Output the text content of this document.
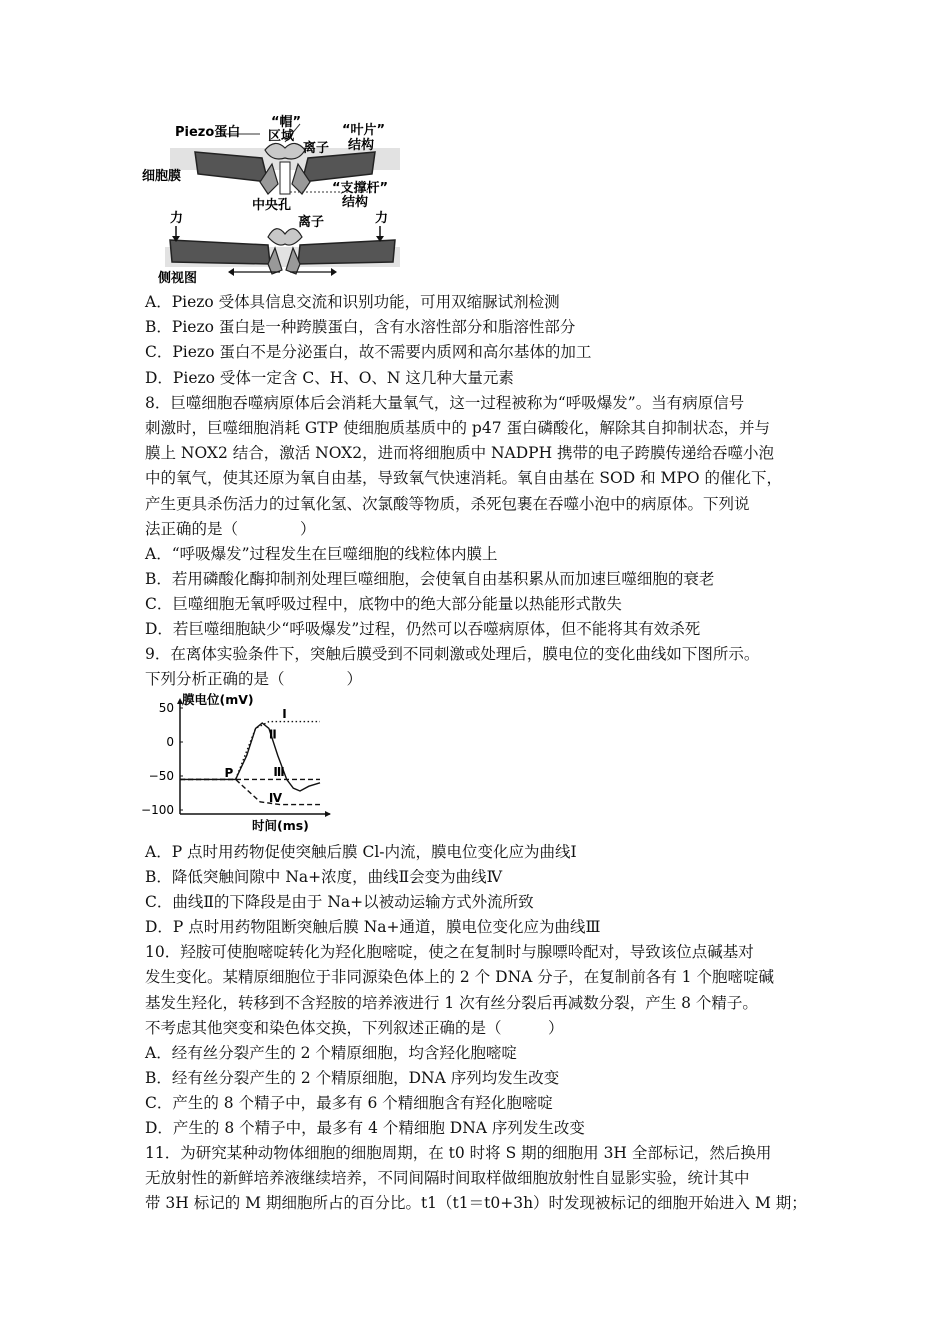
Piezo蛋白
“帽”
区域
离子
“叶片”
结构
细胞膜
“支撑杆”
结构
中央孔
离子
力	力
侧视图
A．Piezo 受体具信息交流和识别功能，可用双缩脲试剂检测
B．Piezo 蛋白是一种跨膜蛋白，含有水溶性部分和脂溶性部分
C．Piezo 蛋白不是分泌蛋白，故不需要内质网和高尔基体的加工
D．Piezo 受体一定含 C、H、O、N 这几种大量元素
8．巨噬细胞吞噬病原体后会消耗大量氧气，这一过程被称为“呼吸爆发”。当有病原信号
刺激时，巨噬细胞消耗 GTP 使细胞质基质中的 p47 蛋白磷酸化，解除其自抑制状态，并与
膜上 NOX2 结合，激活 NOX2，进而将细胞质中 NADPH 携带的电子跨膜传递给吞噬小泡
中的氧气，使其还原为氧自由基，导致氧气快速消耗。氧自由基在 SOD 和 MPO 的催化下，
产生更具杀伤活力的过氧化氢、次氯酸等物质，杀死包裹在吞噬小泡中的病原体。下列说
法正确的是（　　　　）
A．“呼吸爆发”过程发生在巨噬细胞的线粒体内膜上
B．若用磷酸化酶抑制剂处理巨噬细胞，会使氧自由基积累从而加速巨噬细胞的衰老
C．巨噬细胞无氧呼吸过程中，底物中的绝大部分能量以热能形式散失
D．若巨噬细胞缺少“呼吸爆发”过程，仍然可以吞噬病原体，但不能将其有效杀死
9．在离体实验条件下，突触后膜受到不同刺激或处理后，膜电位的变化曲线如下图所示。
下列分析正确的是（　　　　）
膜电位(mV)
时间(ms)
50
0
−50
−100
Ⅰ
Ⅱ
Ⅲ
Ⅳ
P
A．P 点时用药物促使突触后膜 Cl-内流，膜电位变化应为曲线Ⅰ
B．降低突触间隙中 Na+浓度，曲线Ⅱ会变为曲线Ⅳ
C．曲线Ⅱ的下降段是由于 Na+以被动运输方式外流所致
D．P 点时用药物阻断突触后膜 Na+通道，膜电位变化应为曲线Ⅲ
10．羟胺可使胞嘧啶转化为羟化胞嘧啶，使之在复制时与腺嘌呤配对，导致该位点碱基对
发生变化。某精原细胞位于非同源染色体上的 2 个 DNA 分子，在复制前各有 1 个胞嘧啶碱
基发生羟化，转移到不含羟胺的培养液进行 1 次有丝分裂后再减数分裂，产生 8 个精子。
不考虑其他突变和染色体交换，下列叙述正确的是（　　　）
A．经有丝分裂产生的 2 个精原细胞，均含羟化胞嘧啶
B．经有丝分裂产生的 2 个精原细胞，DNA 序列均发生改变
C．产生的 8 个精子中，最多有 6 个精细胞含有羟化胞嘧啶
D．产生的 8 个精子中，最多有 4 个精细胞 DNA 序列发生改变
11．为研究某种动物体细胞的细胞周期，在 t0 时将 S 期的细胞用 3H 全部标记，然后换用
无放射性的新鲜培养液继续培养，不同间隔时间取样做细胞放射性自显影实验，统计其中
带 3H 标记的 M 期细胞所占的百分比。t1（t1＝t0+3h）时发现被标记的细胞开始进入 M 期；
